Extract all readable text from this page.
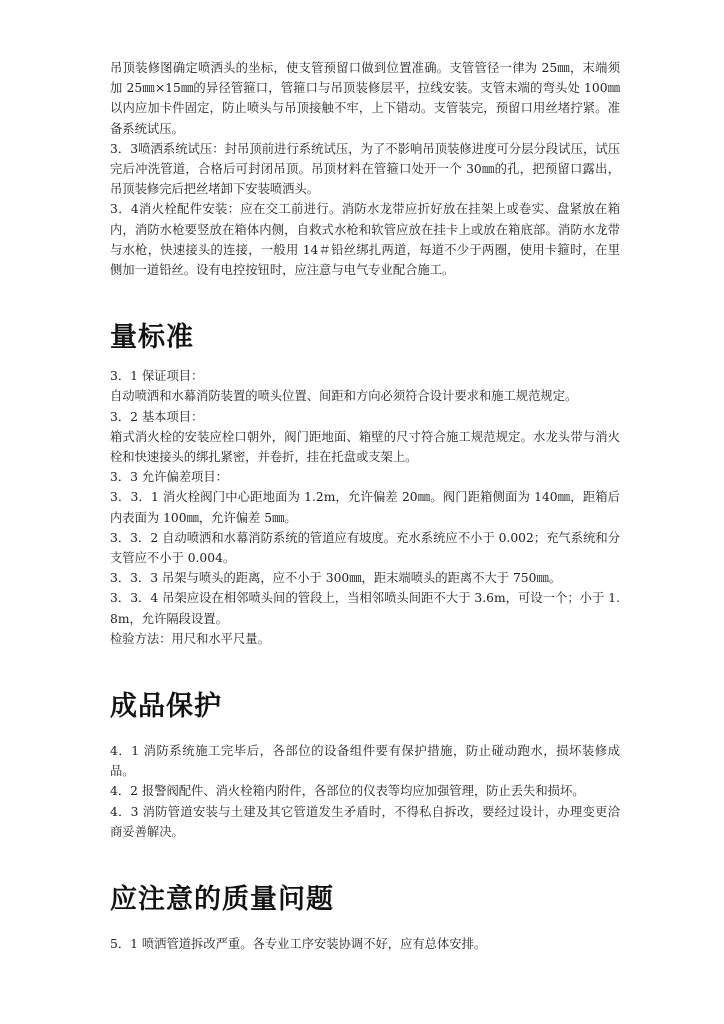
吊顶装修图确定喷洒头的坐标，使支管预留口做到位置准确。支管管径一律为 25㎜，末端须加 25㎜×15㎜的异径管箍口，管箍口与吊顶装修层平，拉线安装。支管末端的弯头处 100㎜以内应加卡件固定，防止喷头与吊顶接触不牢，上下错动。支管装完，预留口用丝堵拧紧。准备系统试压。

3．3喷洒系统试压：封吊顶前进行系统试压，为了不影响吊顶装修进度可分层分段试压，试压完后冲洗管道，合格后可封闭吊顶。吊顶材料在管箍口处开一个 30㎜的孔，把预留口露出，吊顶装修完后把丝堵卸下安装喷洒头。

3．4消火栓配件安装：应在交工前进行。消防水龙带应折好放在挂架上或卷实、盘紧放在箱内，消防水枪要竖放在箱体内侧，自救式水枪和软管应放在挂卡上或放在箱底部。消防水龙带与水枪，快速接头的连接，一般用 14＃铅丝绑扎两道，每道不少于两圈，使用卡箍时，在里侧加一道铅丝。设有电控按钮时，应注意与电气专业配合施工。

量标准

3．1 保证项目：

自动喷洒和水幕消防装置的喷头位置、间距和方向必须符合设计要求和施工规范规定。

3．2 基本项目：

箱式消火栓的安装应栓口朝外，阀门距地面、箱壁的尺寸符合施工规范规定。水龙头带与消火栓和快速接头的绑扎紧密，并卷折，挂在托盘或支架上。

3．3 允许偏差项目：

3．3．1 消火栓阀门中心距地面为 1.2m，允许偏差 20㎜。阀门距箱侧面为 140㎜，距箱后内表面为 100㎜，允许偏差 5㎜。

3．3．2 自动喷洒和水幕消防系统的管道应有坡度。充水系统应不小于 0.002；充气系统和分支管应不小于 0.004。

3．3．3 吊架与喷头的距离，应不小于 300㎜，距末端喷头的距离不大于 750㎜。

3．3．4 吊架应设在相邻喷头间的管段上，当相邻喷头间距不大于 3.6m，可设一个；小于 1.8m，允许隔段设置。

检验方法：用尺和水平尺量。

成品保护

4．1 消防系统施工完毕后，各部位的设备组件要有保护措施，防止碰动跑水，损坏装修成品。

4．2 报警阀配件、消火栓箱内附件，各部位的仪表等均应加强管理，防止丢失和损坏。

4．3 消防管道安装与土建及其它管道发生矛盾时，不得私自拆改，要经过设计，办理变更洽商妥善解决。

应注意的质量问题

5．1 喷洒管道拆改严重。各专业工序安装协调不好，应有总体安排。
